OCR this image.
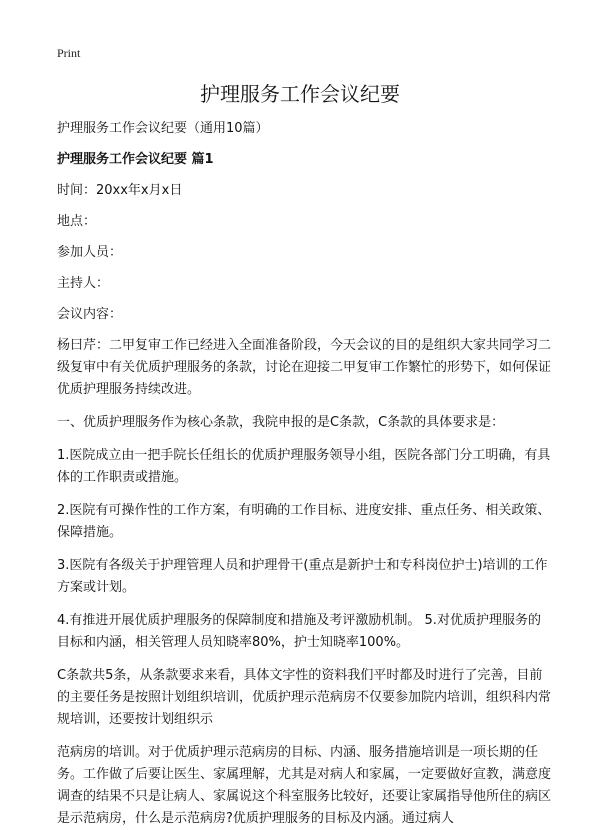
Print
护理服务工作会议纪要

护理服务工作会议纪要（通用10篇）

护理服务工作会议纪要 篇1

时间：20xx年x月x日

地点：

参加人员：

主持人：

会议内容：

杨曰芹：二甲复审工作已经进入全面准备阶段，今天会议的目的是组织大家共同学习二级复审中有关优质护理服务的条款，讨论在迎接二甲复审工作繁忙的形势下，如何保证优质护理服务持续改进。

一、优质护理服务作为核心条款，我院申报的是C条款，C条款的具体要求是：

1.医院成立由一把手院长任组长的优质护理服务领导小组，医院各部门分工明确，有具体的工作职责或措施。

2.医院有可操作性的工作方案，有明确的工作目标、进度安排、重点任务、相关政策、保障措施。

3.医院有各级关于护理管理人员和护理骨干(重点是新护士和专科岗位护士)培训的工作方案或计划。

4.有推进开展优质护理服务的保障制度和措施及考评激励机制。 5.对优质护理服务的目标和内涵，相关管理人员知晓率80%，护士知晓率100%。

C条款共5条，从条款要求来看，具体文字性的资料我们平时都及时进行了完善，目前的主要任务是按照计划组织培训，优质护理示范病房不仅要参加院内培训，组织科内常规培训，还要按计划组织示

范病房的培训。对于优质护理示范病房的目标、内涵、服务措施培训是一项长期的任务。工作做了后要让医生、家属理解，尤其是对病人和家属，一定要做好宣教，满意度调查的结果不只是让病人、家属说这个科室服务比较好，还要让家属指导他所住的病区是示范病房，什么是示范病房?优质护理服务的目标及内涵。通过病人
